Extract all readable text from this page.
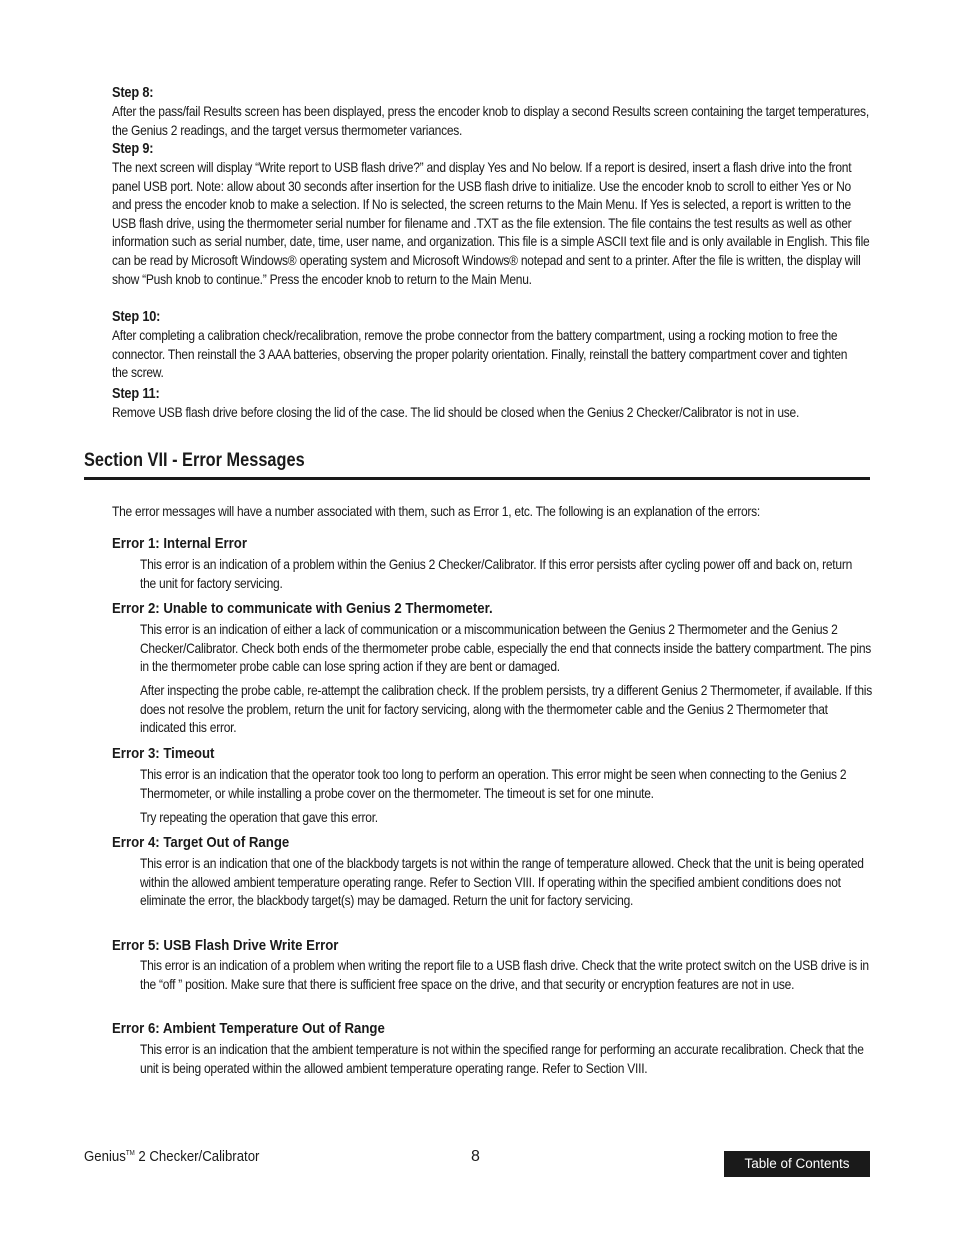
Step 8:
After the pass/fail Results screen has been displayed, press the encoder knob to display a second Results screen containing the target temperatures, the Genius 2 readings, and the target versus thermometer variances.
Step 9:
The next screen will display “Write report to USB flash drive?” and display Yes and No below. If a report is desired, insert a flash drive into the front panel USB port. Note: allow about 30 seconds after insertion for the USB flash drive to initialize. Use the encoder knob to scroll to either Yes or No and press the encoder knob to make a selection. If No is selected, the screen returns to the Main Menu. If Yes is selected, a report is written to the USB flash drive, using the thermometer serial number for filename and .TXT as the file extension. The file contains the test results as well as other information such as serial number, date, time, user name, and organization. This file is a simple ASCII text file and is only available in English. This file can be read by Microsoft Windows® operating system and Microsoft Windows® notepad and sent to a printer. After the file is written, the display will show “Push knob to continue.” Press the encoder knob to return to the Main Menu.
Step 10:
After completing a calibration check/recalibration, remove the probe connector from the battery compartment, using a rocking motion to free the connector. Then reinstall the 3 AAA batteries, observing the proper polarity orientation. Finally, reinstall the battery compartment cover and tighten the screw.
Step 11:
Remove USB flash drive before closing the lid of the case. The lid should be closed when the Genius 2 Checker/Calibrator is not in use.
Section VII - Error Messages
The error messages will have a number associated with them, such as Error 1, etc. The following is an explanation of the errors:
Error 1: Internal Error
This error is an indication of a problem within the Genius 2 Checker/Calibrator. If this error persists after cycling power off and back on, return the unit for factory servicing.
Error 2: Unable to communicate with Genius 2 Thermometer.
This error is an indication of either a lack of communication or a miscommunication between the Genius 2 Thermometer and the Genius 2 Checker/Calibrator. Check both ends of the thermometer probe cable, especially the end that connects inside the battery compartment. The pins in the thermometer probe cable can lose spring action if they are bent or damaged.
After inspecting the probe cable, re-attempt the calibration check. If the problem persists, try a different Genius 2 Thermometer, if available. If this does not resolve the problem, return the unit for factory servicing, along with the thermometer cable and the Genius 2 Thermometer that indicated this error.
Error 3: Timeout
This error is an indication that the operator took too long to perform an operation. This error might be seen when connecting to the Genius 2 Thermometer, or while installing a probe cover on the thermometer. The timeout is set for one minute.
Try repeating the operation that gave this error.
Error 4: Target Out of Range
This error is an indication that one of the blackbody targets is not within the range of temperature allowed. Check that the unit is being operated within the allowed ambient temperature operating range. Refer to Section VIII. If operating within the specified ambient conditions does not eliminate the error, the blackbody target(s) may be damaged. Return the unit for factory servicing.
Error 5: USB Flash Drive Write Error
This error is an indication of a problem when writing the report file to a USB flash drive. Check that the write protect switch on the USB drive is in the “off ” position. Make sure that there is sufficient free space on the drive, and that security or encryption features are not in use.
Error 6: Ambient Temperature Out of Range
This error is an indication that the ambient temperature is not within the specified range for performing an accurate recalibration. Check that the unit is being operated within the allowed ambient temperature operating range. Refer to Section VIII.
Genius™ 2 Checker/Calibrator	8	Table of Contents
